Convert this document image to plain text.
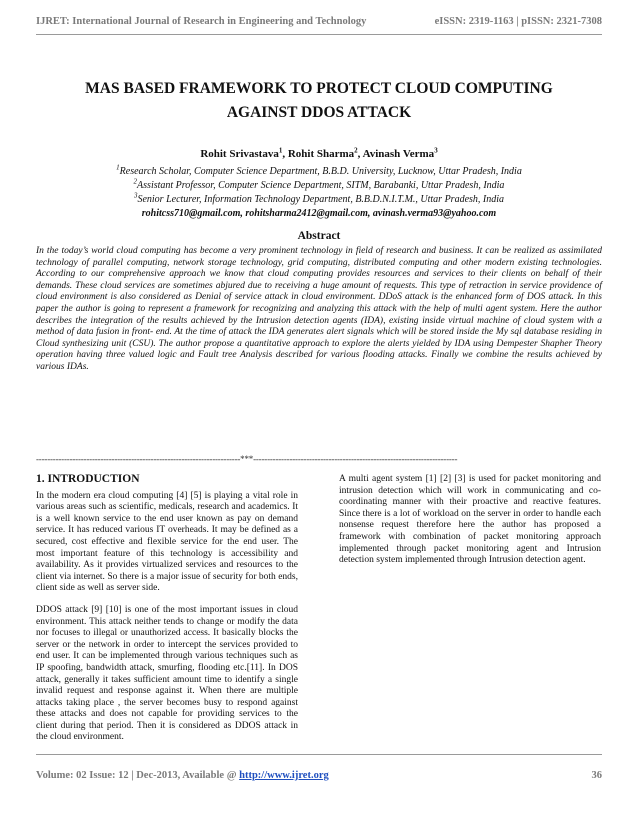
IJRET: International Journal of Research in Engineering and Technology	eISSN: 2319-1163 | pISSN: 2321-7308
MAS BASED FRAMEWORK TO PROTECT CLOUD COMPUTING
AGAINST DDOS ATTACK
Rohit Srivastava$^1$, Rohit Sharma$^2$, Avinash Verma$^3$
$^1$Research Scholar, Computer Science Department, B.B.D. University, Lucknow, Uttar Pradesh, India
$^2$Assistant Professor, Computer Science Department, SITM, Barabanki, Uttar Pradesh, India
$^3$Senior Lecturer, Information Technology Department, B.B.D.N.I.T.M., Uttar Pradesh, India
rohitcss710@gmail.com, rohitsharma2412@gmail.com, avinash.verma93@yahoo.com
Abstract

In the today’s world cloud computing has become a very prominent technology in field of research and business. It can be realized as assimilated technology of parallel computing, network storage technology, grid computing, distributed computing and other modern existing technologies. According to our comprehensive approach we know that cloud computing provides resources and services to their clients on behalf of their demands. These cloud services are sometimes abjured due to receiving a huge amount of requests. This type of retraction in service providence of cloud environment is also considered as Denial of service attack in cloud environment. DDoS attack is the enhanced form of DOS attack. In this paper the author is going to represent a framework for recognizing and analyzing this attack with the help of multi agent system. Here the author describes the integration of the results achieved by the Intrusion detection agents (IDA), existing inside virtual machine of cloud system with a method of data fusion in front- end. At the time of attack the IDA generates alert signals which will be stored inside the My sql database residing in Cloud synthesizing unit (CSU). The author propose a quantitative approach to explore the alerts yielded by IDA using Dempester Shapher Theory operation having three valued logic and Fault tree Analysis described for various flooding attacks. Finally we combine the results achieved by various IDAs.

-------------------------------------------------------------------------***-------------------------------------------------------------------------
1. INTRODUCTION

In the modern era cloud computing [4] [5] is playing a vital role in various areas such as scientific, medicals, research and academics. It is a well known service to the end user known as pay on demand service. It has reduced various IT overheads. It may be defined as a secured, cost effective and flexible service for the end user. The most important feature of this technology is accessibility and availability. As it provides virtualized services and resources to the client via internet. So there is a major issue of security for both ends, client side as well as server side.

DDOS attack [9] [10] is one of the most important issues in cloud environment. This attack neither tends to change or modify the data nor focuses to illegal or unauthorized access. It basically blocks the server or the network in order to intercept the services provided to end user. It can be implemented through various techniques such as IP spoofing, bandwidth attack, smurfing, flooding etc.[11]. In DOS attack, generally it takes sufficient amount time to identify a single invalid request and response against it. When there are multiple attacks taking place , the server becomes busy to respond against these attacks and does not capable for providing services to the client during that period. Then it is considered as DDOS attack in the cloud environment.

A multi agent system [1] [2] [3] is used for packet monitoring and intrusion detection which will work in communicating and co-coordinating manner with their proactive and reactive features. Since there is a lot of workload on the server in order to handle each nonsense request therefore here the author has proposed a framework with combination of packet monitoring approach implemented through packet monitoring agent and Intrusion detection system implemented through Intrusion detection agent.

Volume: 02 Issue: 12 | Dec-2013, Available @ http://www.ijret.org	36
